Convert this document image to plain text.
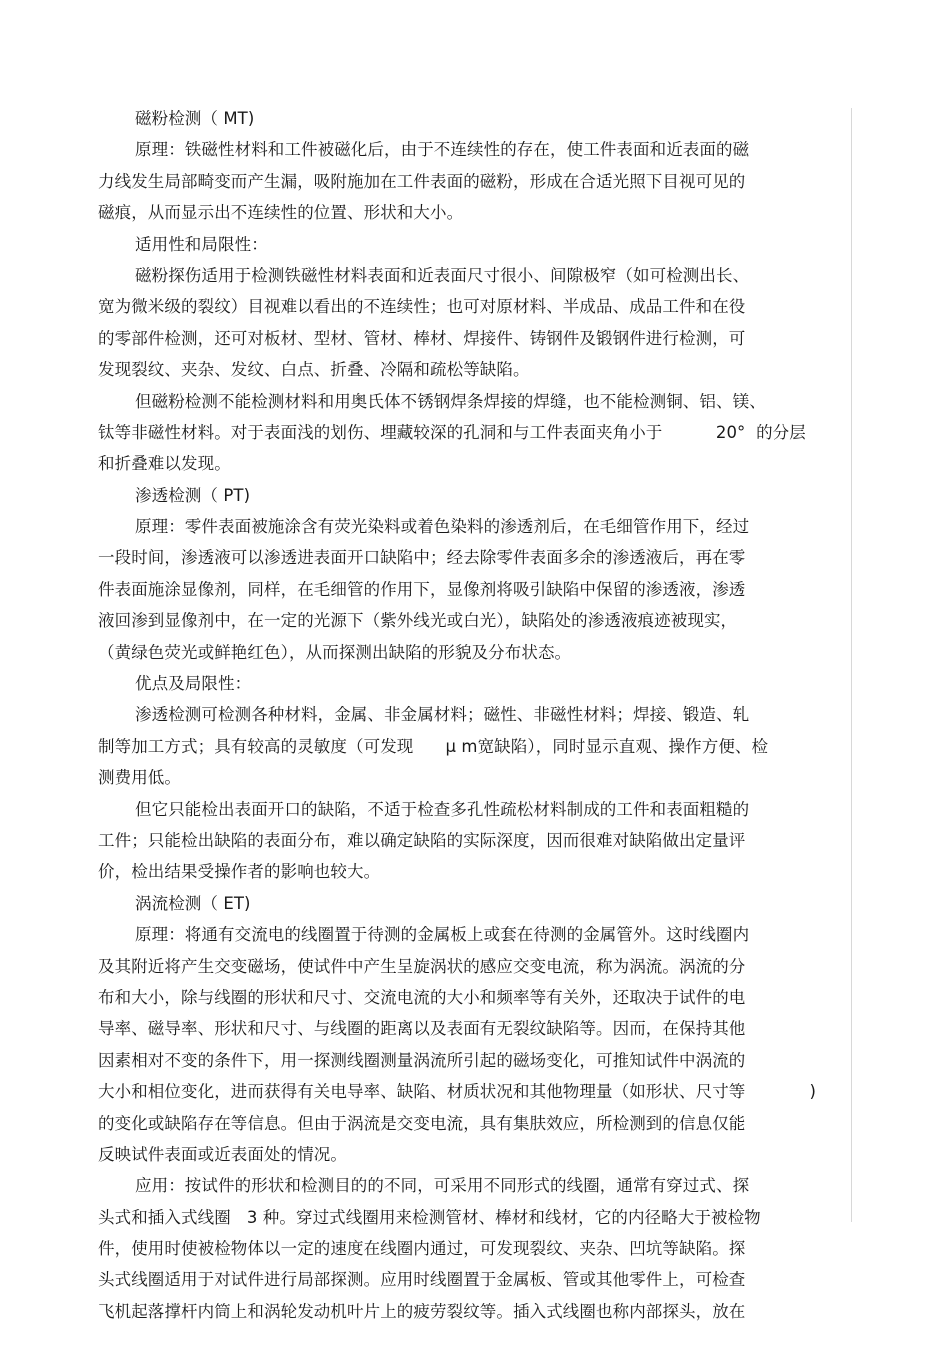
磁粉检测（ MT)
原理：铁磁性材料和工件被磁化后，由于不连续性的存在，使工件表面和近表面的磁
力线发生局部畸变而产生漏，吸附施加在工件表面的磁粉，形成在合适光照下目视可见的
磁痕，从而显示出不连续性的位置、形状和大小。
适用性和局限性：
磁粉探伤适用于检测铁磁性材料表面和近表面尺寸很小、间隙极窄（如可检测出长、
宽为微米级的裂纹）目视难以看出的不连续性；也可对原材料、半成品、成品工件和在役
的零部件检测，还可对板材、型材、管材、棒材、焊接件、铸钢件及锻钢件进行检测，可
发现裂纹、夹杂、发纹、白点、折叠、冷隔和疏松等缺陷。
但磁粉检测不能检测材料和用奥氏体不锈钢焊条焊接的焊缝，也不能检测铜、铝、镁、
钛等非磁性材料。对于表面浅的划伤、埋藏较深的孔洞和与工件表面夹角小于          20°  的分层
和折叠难以发现。
渗透检测（ PT)
原理：零件表面被施涂含有荧光染料或着色染料的渗透剂后，在毛细管作用下，经过
一段时间，渗透液可以渗透进表面开口缺陷中；经去除零件表面多余的渗透液后，再在零
件表面施涂显像剂，同样，在毛细管的作用下，显像剂将吸引缺陷中保留的渗透液，渗透
液回渗到显像剂中，在一定的光源下（紫外线光或白光），缺陷处的渗透液痕迹被现实，
（黄绿色荧光或鲜艳红色），从而探测出缺陷的形貌及分布状态。
优点及局限性：
渗透检测可检测各种材料，金属、非金属材料；磁性、非磁性材料；焊接、锻造、轧
制等加工方式；具有较高的灵敏度（可发现      μ m宽缺陷），同时显示直观、操作方便、检
测费用低。
但它只能检出表面开口的缺陷，不适于检查多孔性疏松材料制成的工件和表面粗糙的
工件；只能检出缺陷的表面分布，难以确定缺陷的实际深度，因而很难对缺陷做出定量评
价，检出结果受操作者的影响也较大。
涡流检测（ ET)
原理：将通有交流电的线圈置于待测的金属板上或套在待测的金属管外。这时线圈内
及其附近将产生交变磁场，使试件中产生呈旋涡状的感应交变电流，称为涡流。涡流的分
布和大小，除与线圈的形状和尺寸、交流电流的大小和频率等有关外，还取决于试件的电
导率、磁导率、形状和尺寸、与线圈的距离以及表面有无裂纹缺陷等。因而，在保持其他
因素相对不变的条件下，用一探测线圈测量涡流所引起的磁场变化，可推知试件中涡流的
大小和相位变化，进而获得有关电导率、缺陷、材质状况和其他物理量（如形状、尺寸等            )
的变化或缺陷存在等信息。但由于涡流是交变电流，具有集肤效应，所检测到的信息仅能
反映试件表面或近表面处的情况。
应用：按试件的形状和检测目的的不同，可采用不同形式的线圈，通常有穿过式、探
头式和插入式线圈   3 种。穿过式线圈用来检测管材、棒材和线材，它的内径略大于被检物
件，使用时使被检物体以一定的速度在线圈内通过，可发现裂纹、夹杂、凹坑等缺陷。探
头式线圈适用于对试件进行局部探测。应用时线圈置于金属板、管或其他零件上，可检查
飞机起落撑杆内筒上和涡轮发动机叶片上的疲劳裂纹等。插入式线圈也称内部探头，放在
